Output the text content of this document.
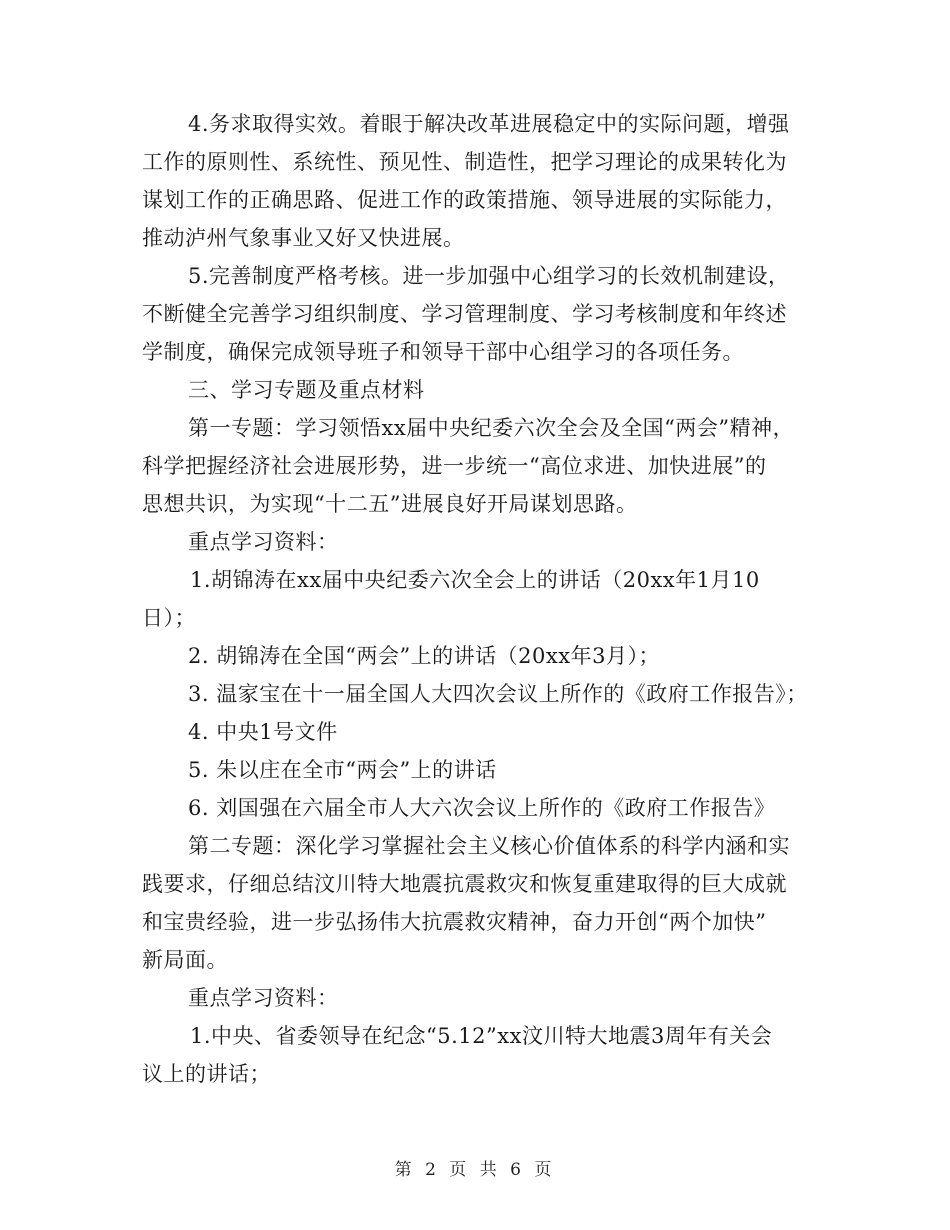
4.务求取得实效。着眼于解决改革进展稳定中的实际问题，增强
工作的原则性、系统性、预见性、制造性，把学习理论的成果转化为
谋划工作的正确思路、促进工作的政策措施、领导进展的实际能力，
推动泸州气象事业又好又快进展。
5.完善制度严格考核。进一步加强中心组学习的长效机制建设，
不断健全完善学习组织制度、学习管理制度、学习考核制度和年终述
学制度，确保完成领导班子和领导干部中心组学习的各项任务。
三、学习专题及重点材料
第一专题：学习领悟xx届中央纪委六次全会及全国“两会”精神，
科学把握经济社会进展形势，进一步统一“高位求进、加快进展”的
思想共识，为实现“十二五”进展良好开局谋划思路。
重点学习资料：
1.胡锦涛在xx届中央纪委六次全会上的讲话（20xx年1月10
日）；
2. 胡锦涛在全国“两会”上的讲话（20xx年3月）；
3. 温家宝在十一届全国人大四次会议上所作的《政府工作报告》；
4. 中央1号文件
5. 朱以庄在全市“两会”上的讲话
6. 刘国强在六届全市人大六次会议上所作的《政府工作报告》
第二专题：深化学习掌握社会主义核心价值体系的科学内涵和实
践要求，仔细总结汶川特大地震抗震救灾和恢复重建取得的巨大成就
和宝贵经验，进一步弘扬伟大抗震救灾精神，奋力开创“两个加快”
新局面。
重点学习资料：
1.中央、省委领导在纪念“5.12”xx汶川特大地震3周年有关会
议上的讲话；
第 2 页 共 6 页
